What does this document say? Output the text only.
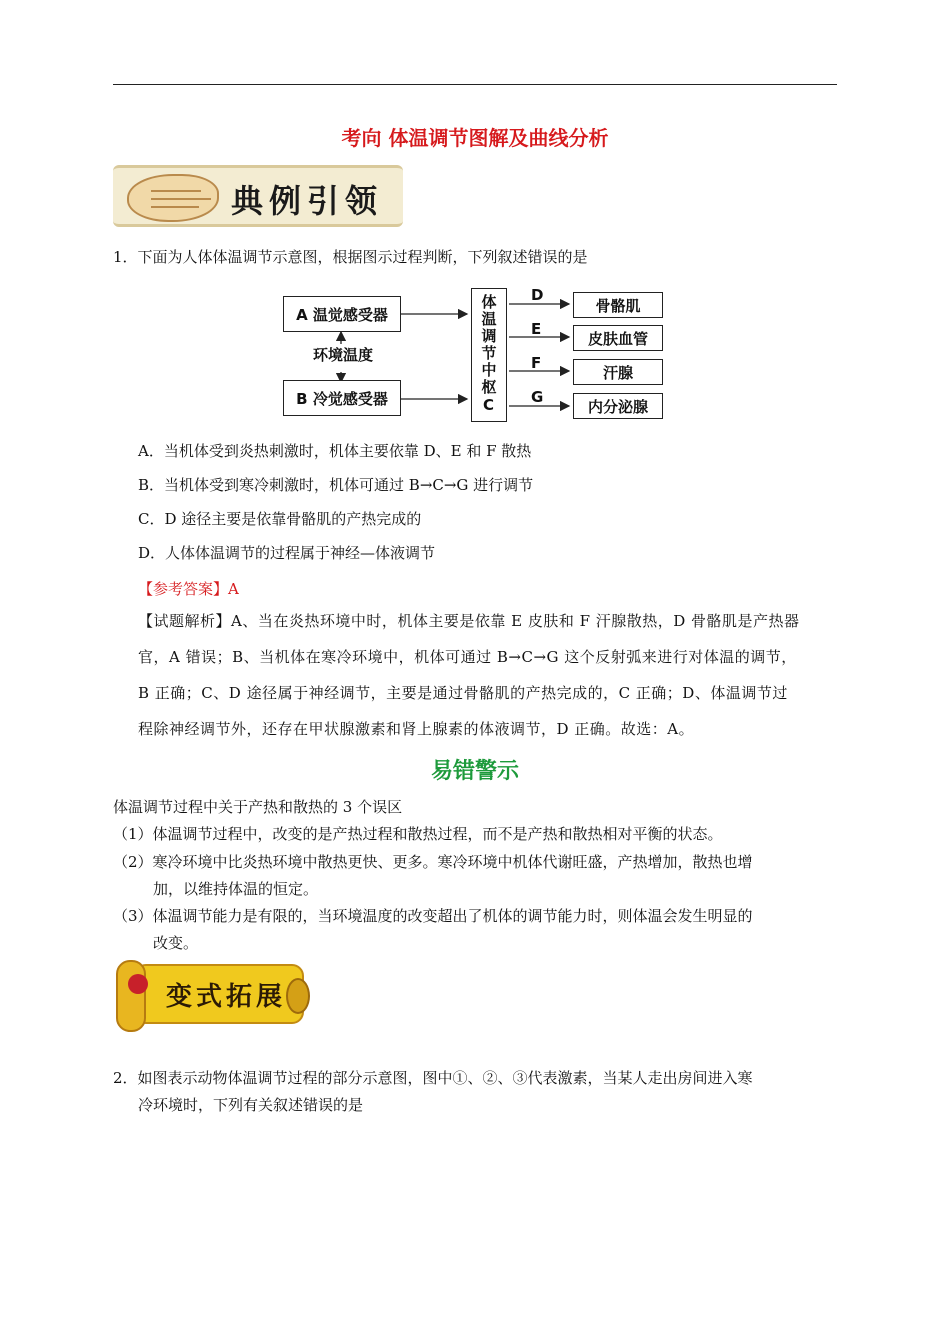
考向 体温调节图解及曲线分析
典例引领
1．下面为人体体温调节示意图，根据图示过程判断，下列叙述错误的是
A 温觉感受器
环境温度
B 冷觉感受器	体温调节中枢C	D
E
F
G
骨骼肌
皮肤血管
汗腺
内分泌腺
A．当机体受到炎热刺激时，机体主要依靠 D、E 和 F 散热
B．当机体受到寒冷刺激时，机体可通过 B→C→G 进行调节
C．D 途径主要是依靠骨骼肌的产热完成的
D．人体体温调节的过程属于神经—体液调节
【参考答案】A
【试题解析】A、当在炎热环境中时，机体主要是依靠 E 皮肤和 F 汗腺散热，D 骨骼肌是产热器
官，A 错误；B、当机体在寒冷环境中，机体可通过 B→C→G 这个反射弧来进行对体温的调节，
B 正确；C、D 途径属于神经调节，主要是通过骨骼肌的产热完成的，C 正确；D、体温调节过
程除神经调节外，还存在甲状腺激素和肾上腺素的体液调节，D 正确。故选：A。
易错警示
体温调节过程中关于产热和散热的 3 个误区
（1）体温调节过程中，改变的是产热过程和散热过程，而不是产热和散热相对平衡的状态。
（2）寒冷环境中比炎热环境中散热更快、更多。寒冷环境中机体代谢旺盛，产热增加，散热也增
加，以维持体温的恒定。
（3）体温调节能力是有限的，当环境温度的改变超出了机体的调节能力时，则体温会发生明显的
改变。
变式拓展
2．如图表示动物体温调节过程的部分示意图，图中①、②、③代表激素，当某人走出房间进入寒
冷环境时，下列有关叙述错误的是
